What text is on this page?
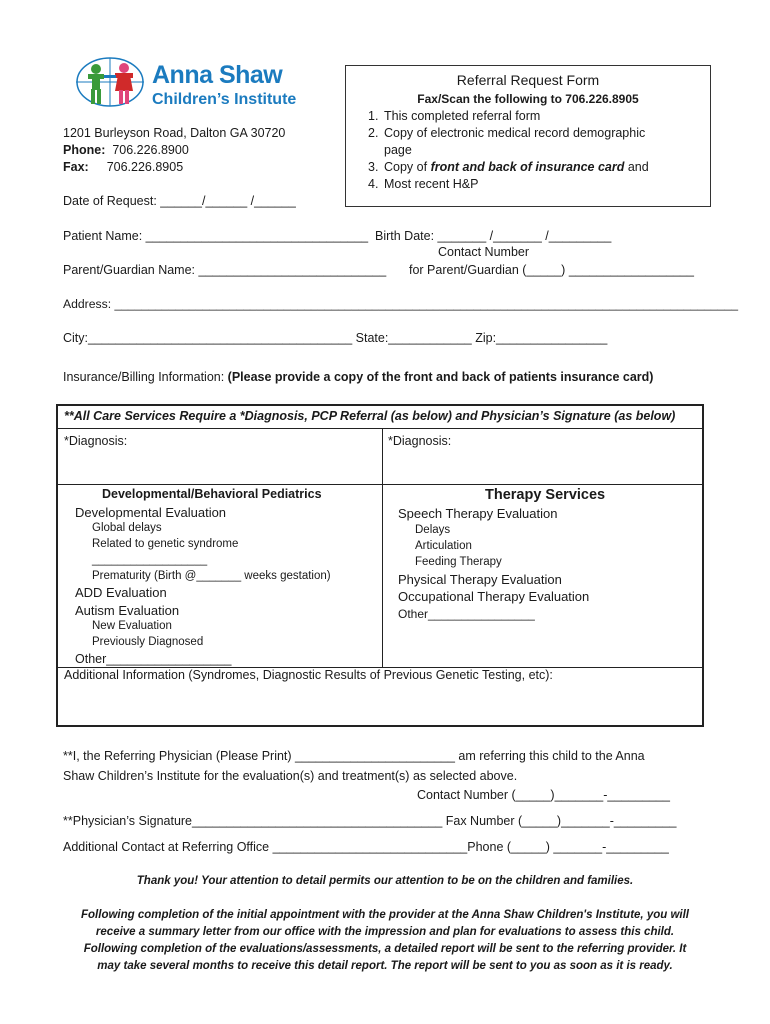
Anna Shaw
Children’s Institute
1201 Burleyson Road, Dalton GA 30720
Phone: 706.226.8900
Fax: 706.226.8905
Referral Request Form
Fax/Scan the following to 706.226.8905
1. This completed referral form
2. Copy of electronic medical record demographic
page
3. Copy of front and back of insurance card and
4. Most recent H&P
Date of Request: ______/______ /______
Patient Name: ________________________________ Birth Date: _______ /_______ /_________
Contact Number
Parent/Guardian Name: ___________________________ for Parent/Guardian (_____) __________________
Address: ____________________________________________________________________________________________
City:______________________________________ State:____________ Zip:________________
Insurance/Billing Information: (Please provide a copy of the front and back of patients insurance card)
**All Care Services Require a *Diagnosis, PCP Referral (as below) and Physician’s Signature (as below)
*Diagnosis:	*Diagnosis:
Developmental/Behavioral Pediatrics
Developmental Evaluation
Global delays
Related to genetic syndrome
__________________
Prematurity (Birth @_______ weeks gestation)
ADD Evaluation
Autism Evaluation
New Evaluation
Previously Diagnosed
Other__________________
Therapy Services
Speech Therapy Evaluation
Delays
Articulation
Feeding Therapy
Physical Therapy Evaluation
Occupational Therapy Evaluation
Other________________
Additional Information (Syndromes, Diagnostic Results of Previous Genetic Testing, etc):
**I, the Referring Physician (Please Print) _______________________ am referring this child to the Anna
Shaw Children’s Institute for the evaluation(s) and treatment(s) as selected above.
Contact Number (_____)_______-_________
**Physician’s Signature____________________________________ Fax Number (_____)_______-_________
Additional Contact at Referring Office ____________________________Phone (_____) _______-_________
Thank you! Your attention to detail permits our attention to be on the children and families.
Following completion of the initial appointment with the provider at the Anna Shaw Children's Institute, you will
receive a summary letter from our office with the impression and plan for evaluations to assess this child.
Following completion of the evaluations/assessments, a detailed report will be sent to the referring provider. It
may take several months to receive this detail report. The report will be sent to you as soon as it is ready.
